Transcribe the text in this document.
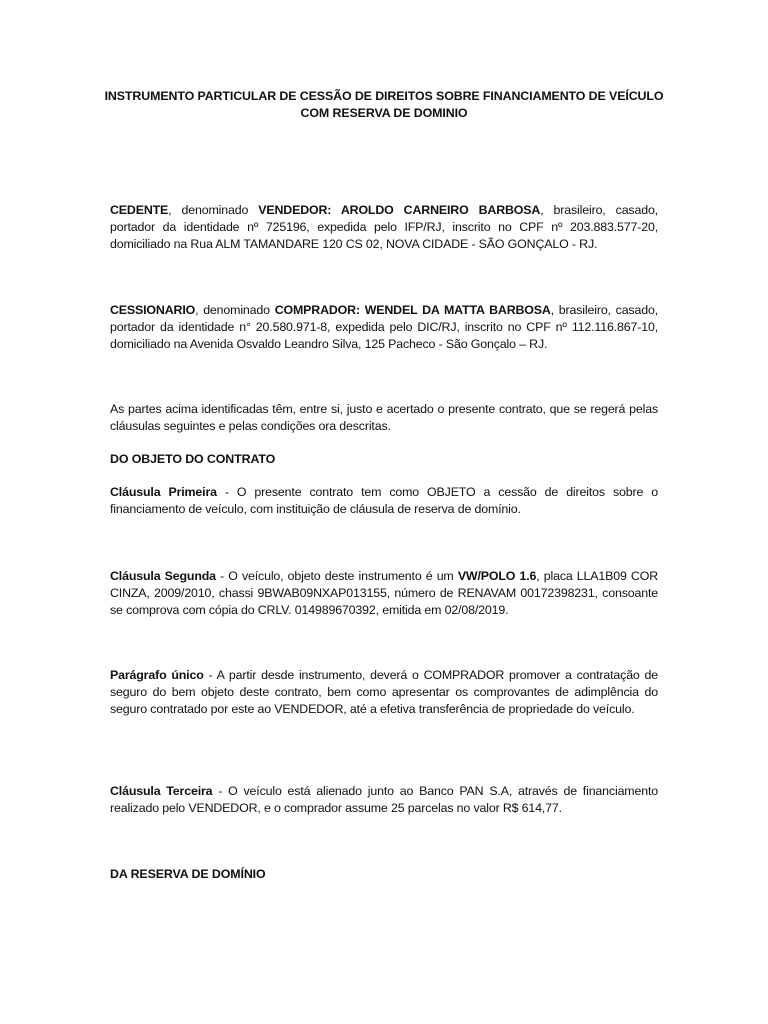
INSTRUMENTO PARTICULAR DE CESSÃO DE DIREITOS SOBRE FINANCIAMENTO DE VEÍCULO
COM RESERVA DE DOMINIO
CEDENTE, denominado VENDEDOR: AROLDO CARNEIRO BARBOSA, brasileiro, casado, portador da identidade nº 725196, expedida pelo IFP/RJ, inscrito no CPF nº 203.883.577-20, domiciliado na Rua ALM TAMANDARE 120 CS 02, NOVA CIDADE - SÃO GONÇALO - RJ.
CESSIONARIO, denominado COMPRADOR: WENDEL DA MATTA BARBOSA, brasileiro, casado, portador da identidade n° 20.580.971-8, expedida pelo DIC/RJ, inscrito no CPF nº 112.116.867-10, domiciliado na Avenida Osvaldo Leandro Silva, 125 Pacheco - São Gonçalo – RJ.
As partes acima identificadas têm, entre si, justo e acertado o presente contrato, que se regerá pelas cláusulas seguintes e pelas condições ora descritas.
DO OBJETO DO CONTRATO
Cláusula Primeira - O presente contrato tem como OBJETO a cessão de direitos sobre o financiamento de veículo, com instituição de cláusula de reserva de domínio.
Cláusula Segunda - O veículo, objeto deste instrumento é um VW/POLO 1.6, placa LLA1B09 COR CINZA, 2009/2010, chassi 9BWAB09NXAP013155, número de RENAVAM 00172398231, consoante se comprova com cópia do CRLV. 014989670392, emitida em 02/08/2019.
Parágrafo único - A partir desde instrumento, deverá o COMPRADOR promover a contratação de seguro do bem objeto deste contrato, bem como apresentar os comprovantes de adimplência do seguro contratado por este ao VENDEDOR, até a efetiva transferência de propriedade do veículo.
Cláusula Terceira - O veículo está alienado junto ao Banco PAN S.A, através de financiamento realizado pelo VENDEDOR, e o comprador assume 25 parcelas no valor R$ 614,77.
DA RESERVA DE DOMÍNIO
